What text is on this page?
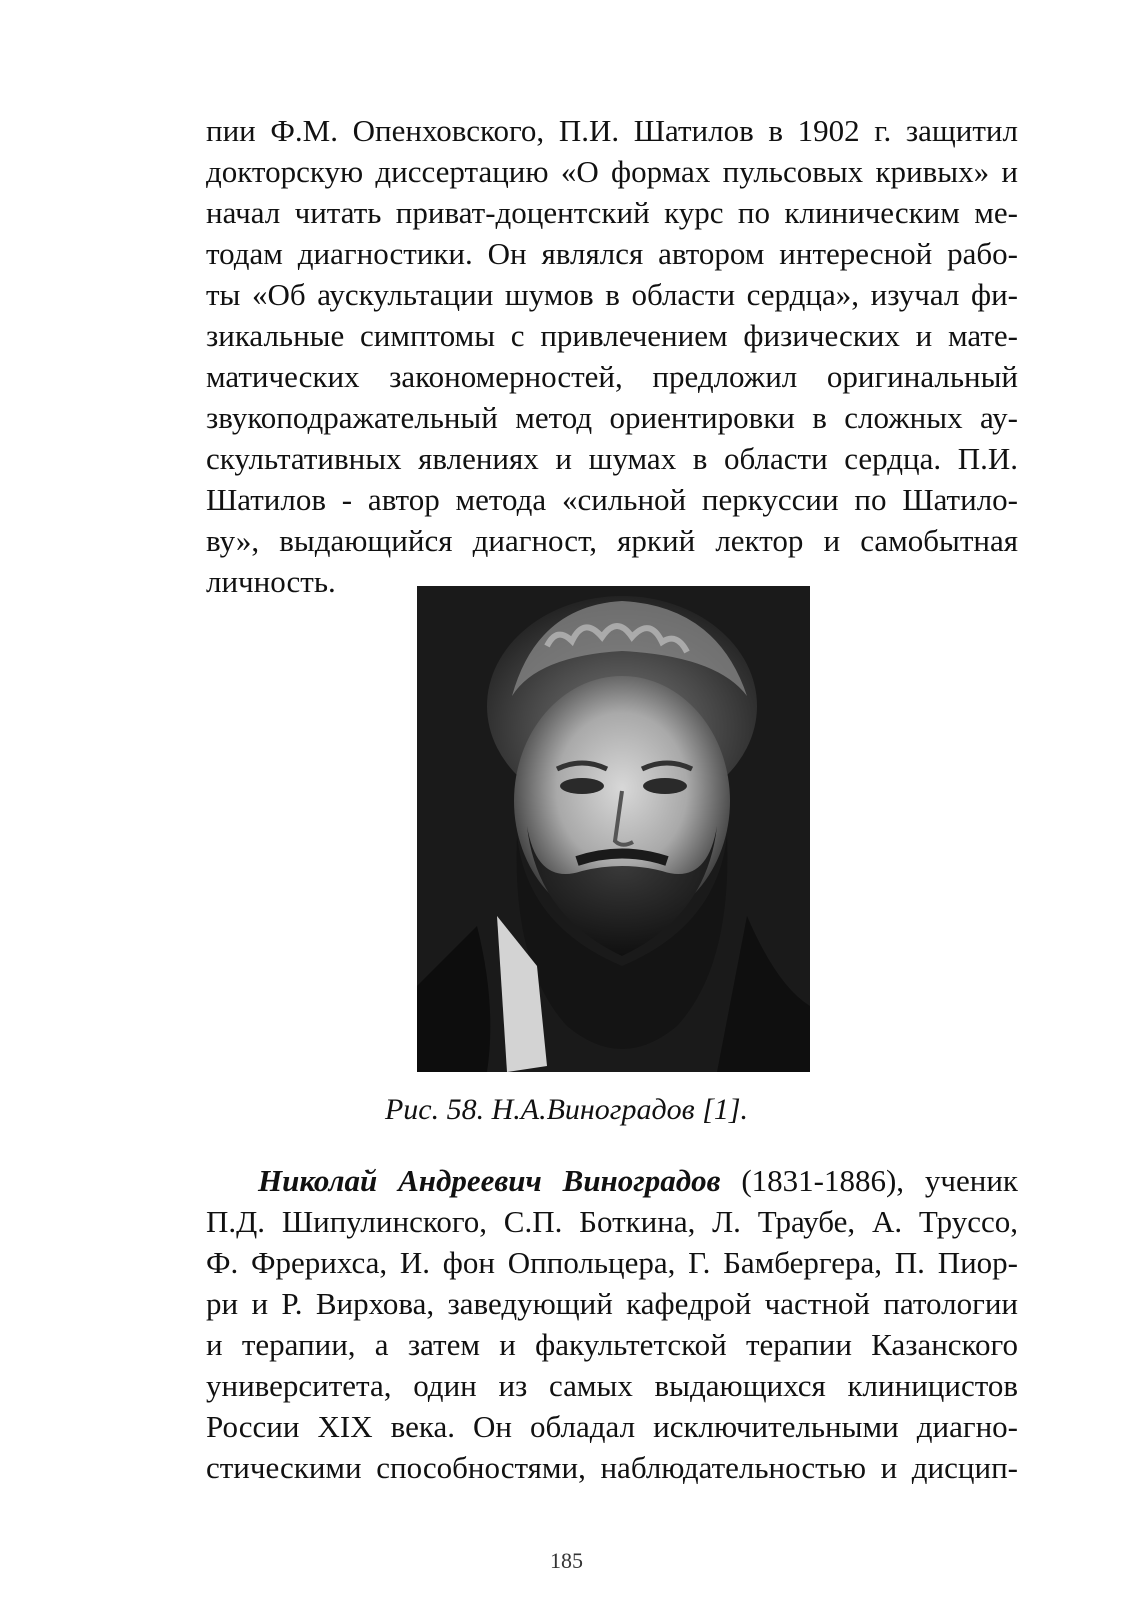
пии Ф.М. Опенховского, П.И. Шатилов в 1902 г. защитил
докторскую диссертацию «О формах пульсовых кривых» и
начал читать приват-доцентский курс по клиническим ме-
тодам диагностики. Он являлся автором интересной рабо-
ты «Об аускультации шумов в области сердца», изучал фи-
зикальные симптомы с привлечением физических и мате-
матических закономерностей, предложил оригинальный
звукоподражательный метод ориентировки в сложных ау-
скультативных явлениях и шумах в области сердца. П.И.
Шатилов - автор метода «сильной перкуссии по Шатило-
ву», выдающийся диагност, яркий лектор и самобытная
личность.

Рис. 58. Н.А.Виноградов [1].

Николай Андреевич Виноградов (1831-1886), ученик
П.Д. Шипулинского, С.П. Боткина, Л. Траубе, А. Труссо,
Ф. Фрерихса, И. фон Оппольцера, Г. Бамбергера, П. Пиор-
ри и Р. Вирхова, заведующий кафедрой частной патологии
и терапии, а затем и факультетской терапии Казанского
университета, один из самых выдающихся клиницистов
России XIX века. Он обладал исключительными диагно-
стическими способностями, наблюдательностью и дисцип-

185
